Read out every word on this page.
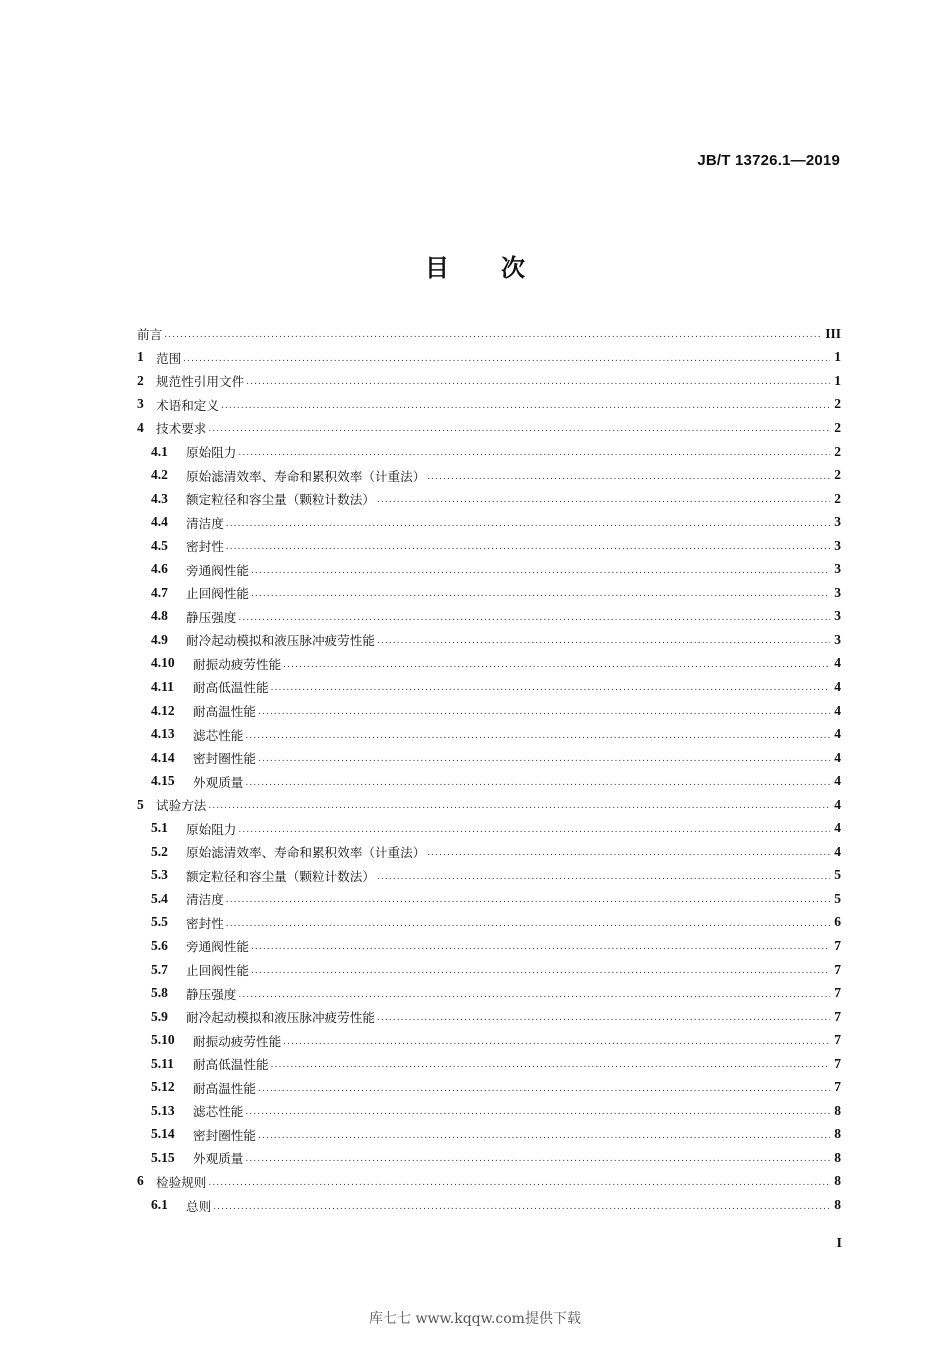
JB/T 13726.1—2019
目次
前言 .....	III
1 范围 .....	1
2 规范性引用文件 .....	1
3 术语和定义 .....	2
4 技术要求 .....	2
4.1	原始阻力 .....	2
4.2	原始滤清效率、寿命和累积效率（计重法） .....	2
4.3	额定粒径和容尘量（颗粒计数法） .....	2
4.4	清洁度 .....	3
4.5	密封性 .....	3
4.6	旁通阀性能 .....	3
4.7	止回阀性能 .....	3
4.8	静压强度 .....	3
4.9	耐冷起动模拟和液压脉冲疲劳性能 .....	3
4.10	耐振动疲劳性能 .....	4
4.11	耐高低温性能 .....	4
4.12	耐高温性能 .....	4
4.13	滤芯性能 .....	4
4.14	密封圈性能 .....	4
4.15	外观质量 .....	4
5 试验方法 .....	4
5.1	原始阻力 .....	4
5.2	原始滤清效率、寿命和累积效率（计重法） .....	4
5.3	额定粒径和容尘量（颗粒计数法） .....	5
5.4	清洁度 .....	5
5.5	密封性 .....	6
5.6	旁通阀性能 .....	7
5.7	止回阀性能 .....	7
5.8	静压强度 .....	7
5.9	耐冷起动模拟和液压脉冲疲劳性能 .....	7
5.10	耐振动疲劳性能 .....	7
5.11	耐高低温性能 .....	7
5.12	耐高温性能 .....	7
5.13	滤芯性能 .....	8
5.14	密封圈性能 .....	8
5.15	外观质量 .....	8
6 检验规则 .....	8
6.1	总则 .....	8
I
库七七 www.kqqw.com提供下载
